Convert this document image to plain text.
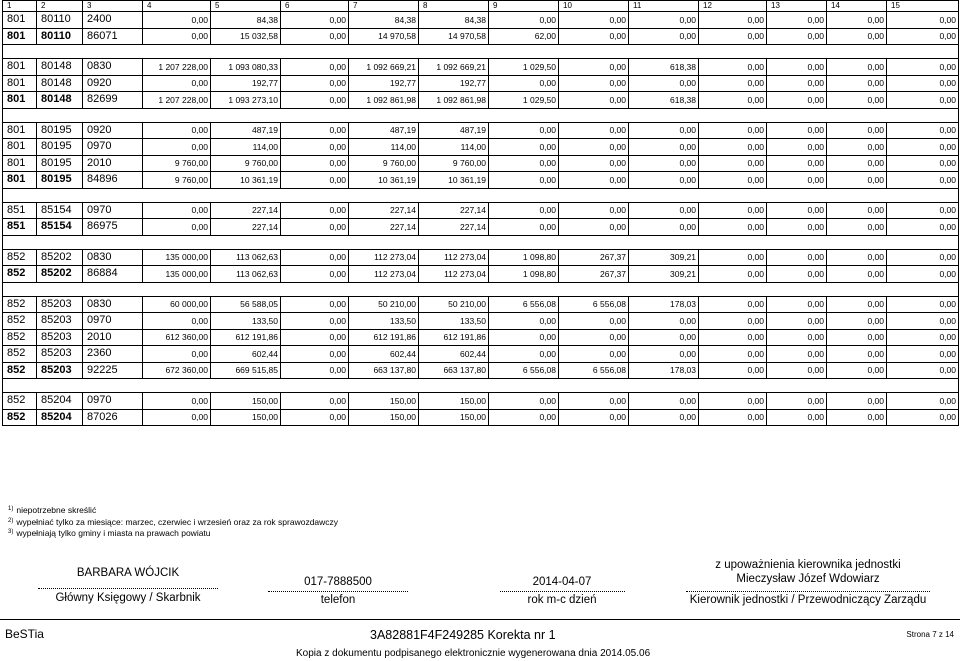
1	2	3	4	5	6	7	8	9	10	11	12	13	14	15
801	80110	2400	0,00	84,38	0,00	84,38	84,38	0,00	0,00	0,00	0,00	0,00	0,00	0,00
801	80110	86071	0,00	15 032,58	0,00	14 970,58	14 970,58	62,00	0,00	0,00	0,00	0,00	0,00	0,00

801	80148	0830	1 207 228,00	1 093 080,33	0,00	1 092 669,21	1 092 669,21	1 029,50	0,00	618,38	0,00	0,00	0,00	0,00
801	80148	0920	0,00	192,77	0,00	192,77	192,77	0,00	0,00	0,00	0,00	0,00	0,00	0,00
801	80148	82699	1 207 228,00	1 093 273,10	0,00	1 092 861,98	1 092 861,98	1 029,50	0,00	618,38	0,00	0,00	0,00	0,00

801	80195	0920	0,00	487,19	0,00	487,19	487,19	0,00	0,00	0,00	0,00	0,00	0,00	0,00
801	80195	0970	0,00	114,00	0,00	114,00	114,00	0,00	0,00	0,00	0,00	0,00	0,00	0,00
801	80195	2010	9 760,00	9 760,00	0,00	9 760,00	9 760,00	0,00	0,00	0,00	0,00	0,00	0,00	0,00
801	80195	84896	9 760,00	10 361,19	0,00	10 361,19	10 361,19	0,00	0,00	0,00	0,00	0,00	0,00	0,00

851	85154	0970	0,00	227,14	0,00	227,14	227,14	0,00	0,00	0,00	0,00	0,00	0,00	0,00
851	85154	86975	0,00	227,14	0,00	227,14	227,14	0,00	0,00	0,00	0,00	0,00	0,00	0,00

852	85202	0830	135 000,00	113 062,63	0,00	112 273,04	112 273,04	1 098,80	267,37	309,21	0,00	0,00	0,00	0,00
852	85202	86884	135 000,00	113 062,63	0,00	112 273,04	112 273,04	1 098,80	267,37	309,21	0,00	0,00	0,00	0,00

852	85203	0830	60 000,00	56 588,05	0,00	50 210,00	50 210,00	6 556,08	6 556,08	178,03	0,00	0,00	0,00	0,00
852	85203	0970	0,00	133,50	0,00	133,50	133,50	0,00	0,00	0,00	0,00	0,00	0,00	0,00
852	85203	2010	612 360,00	612 191,86	0,00	612 191,86	612 191,86	0,00	0,00	0,00	0,00	0,00	0,00	0,00
852	85203	2360	0,00	602,44	0,00	602,44	602,44	0,00	0,00	0,00	0,00	0,00	0,00	0,00
852	85203	92225	672 360,00	669 515,85	0,00	663 137,80	663 137,80	6 556,08	6 556,08	178,03	0,00	0,00	0,00	0,00

852	85204	0970	0,00	150,00	0,00	150,00	150,00	0,00	0,00	0,00	0,00	0,00	0,00	0,00
852	85204	87026	0,00	150,00	0,00	150,00	150,00	0,00	0,00	0,00	0,00	0,00	0,00	0,00
$^{1)}$ niepotrzebne skreślić
$^{2)}$ wypełniać tylko za miesiące: marzec, czerwiec i wrzesień oraz za rok sprawozdawczy
$^{3)}$ wypełniają tylko gminy i miasta na prawach powiatu
BARBARA WÓJCIK
Główny Księgowy / Skarbnik
017-7888500
telefon
2014-04-07
rok m-c dzień
z upoważnienia kierownika jednostki
Mieczysław Józef Wdowiarz
Kierownik jednostki / Przewodniczący Zarządu
BeSTia	3A82881F4F249285 Korekta nr 1	Strona 7 z 14
Kopia z dokumentu podpisanego elektronicznie wygenerowana dnia 2014.05.06
